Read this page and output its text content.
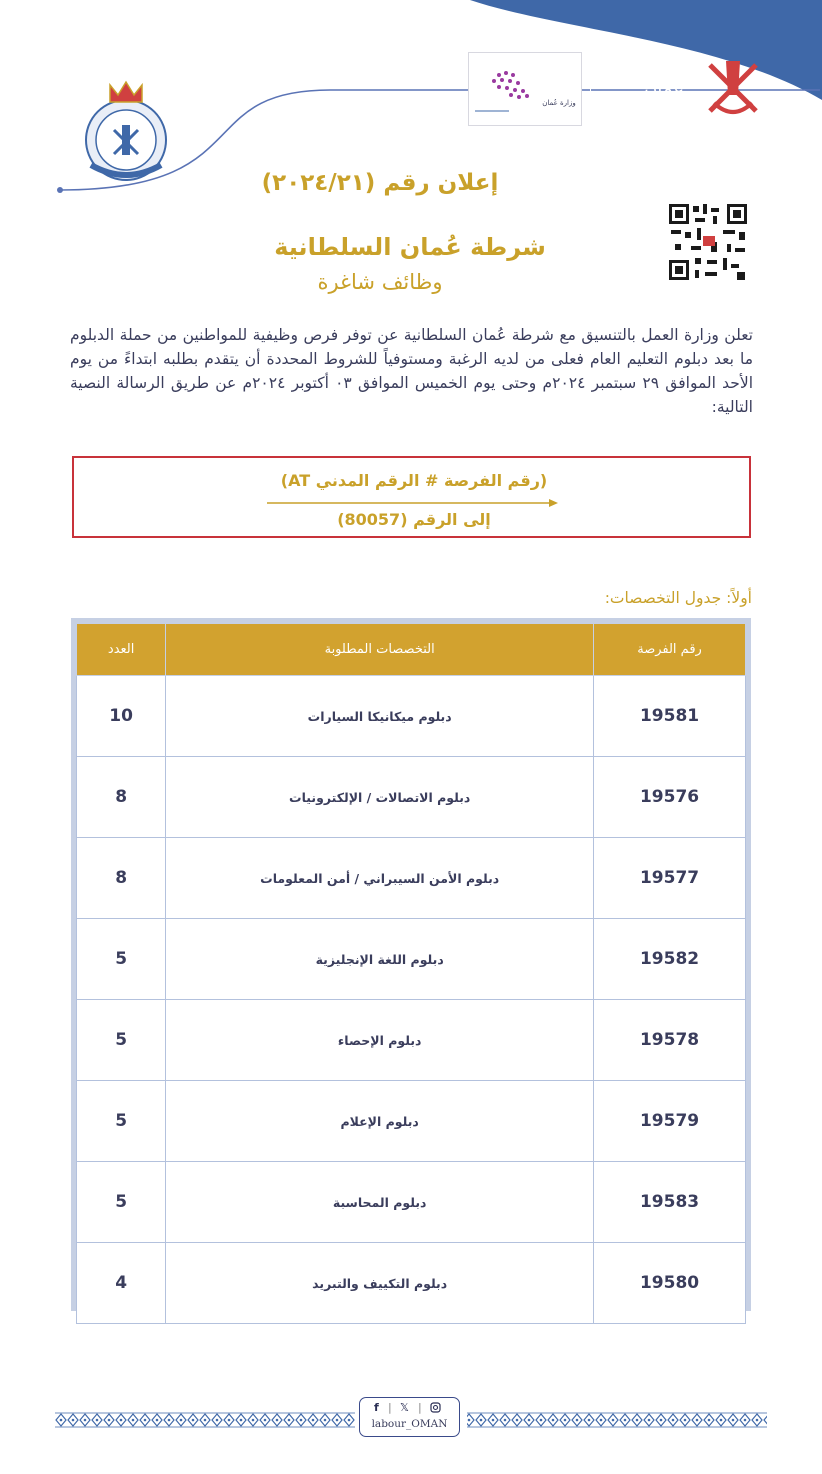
وزارة عُمان
سلطنة عُمان
وزارة العمل
إعلان رقم (٢٠٢٤/٢١)
شرطة عُمان السلطانية
وظائف شاغرة
تعلن وزارة العمل بالتنسيق مع شرطة عُمان السلطانية عن توفر فرص وظيفية للمواطنين من حملة الدبلوم ما بعد دبلوم التعليم العام فعلى من لديه الرغبة ومستوفياً للشروط المحددة أن يتقدم بطلبه ابتداءً من يوم الأحد الموافق ٢٩ سبتمبر ٢٠٢٤م وحتى يوم الخميس الموافق ٠٣ أكتوبر ٢٠٢٤م عن طريق الرسالة النصية التالية:
(رقم الفرصة # الرقم المدني AT)
إلى الرقم (80057)
أولاً: جدول التخصصات:
العدد	التخصصات المطلوبة	رقم الفرصة
10	دبلوم ميكانيكا السيارات	19581
8	دبلوم الاتصالات / الإلكترونيات	19576
8	دبلوم الأمن السيبراني / أمن المعلومات	19577
5	دبلوم اللغة الإنجليزية	19582
5	دبلوم الإحصاء	19578
5	دبلوم الإعلام	19579
5	دبلوم المحاسبة	19583
4	دبلوم التكييف والتبريد	19580
f | 𝕏 |
labour_OMAN
